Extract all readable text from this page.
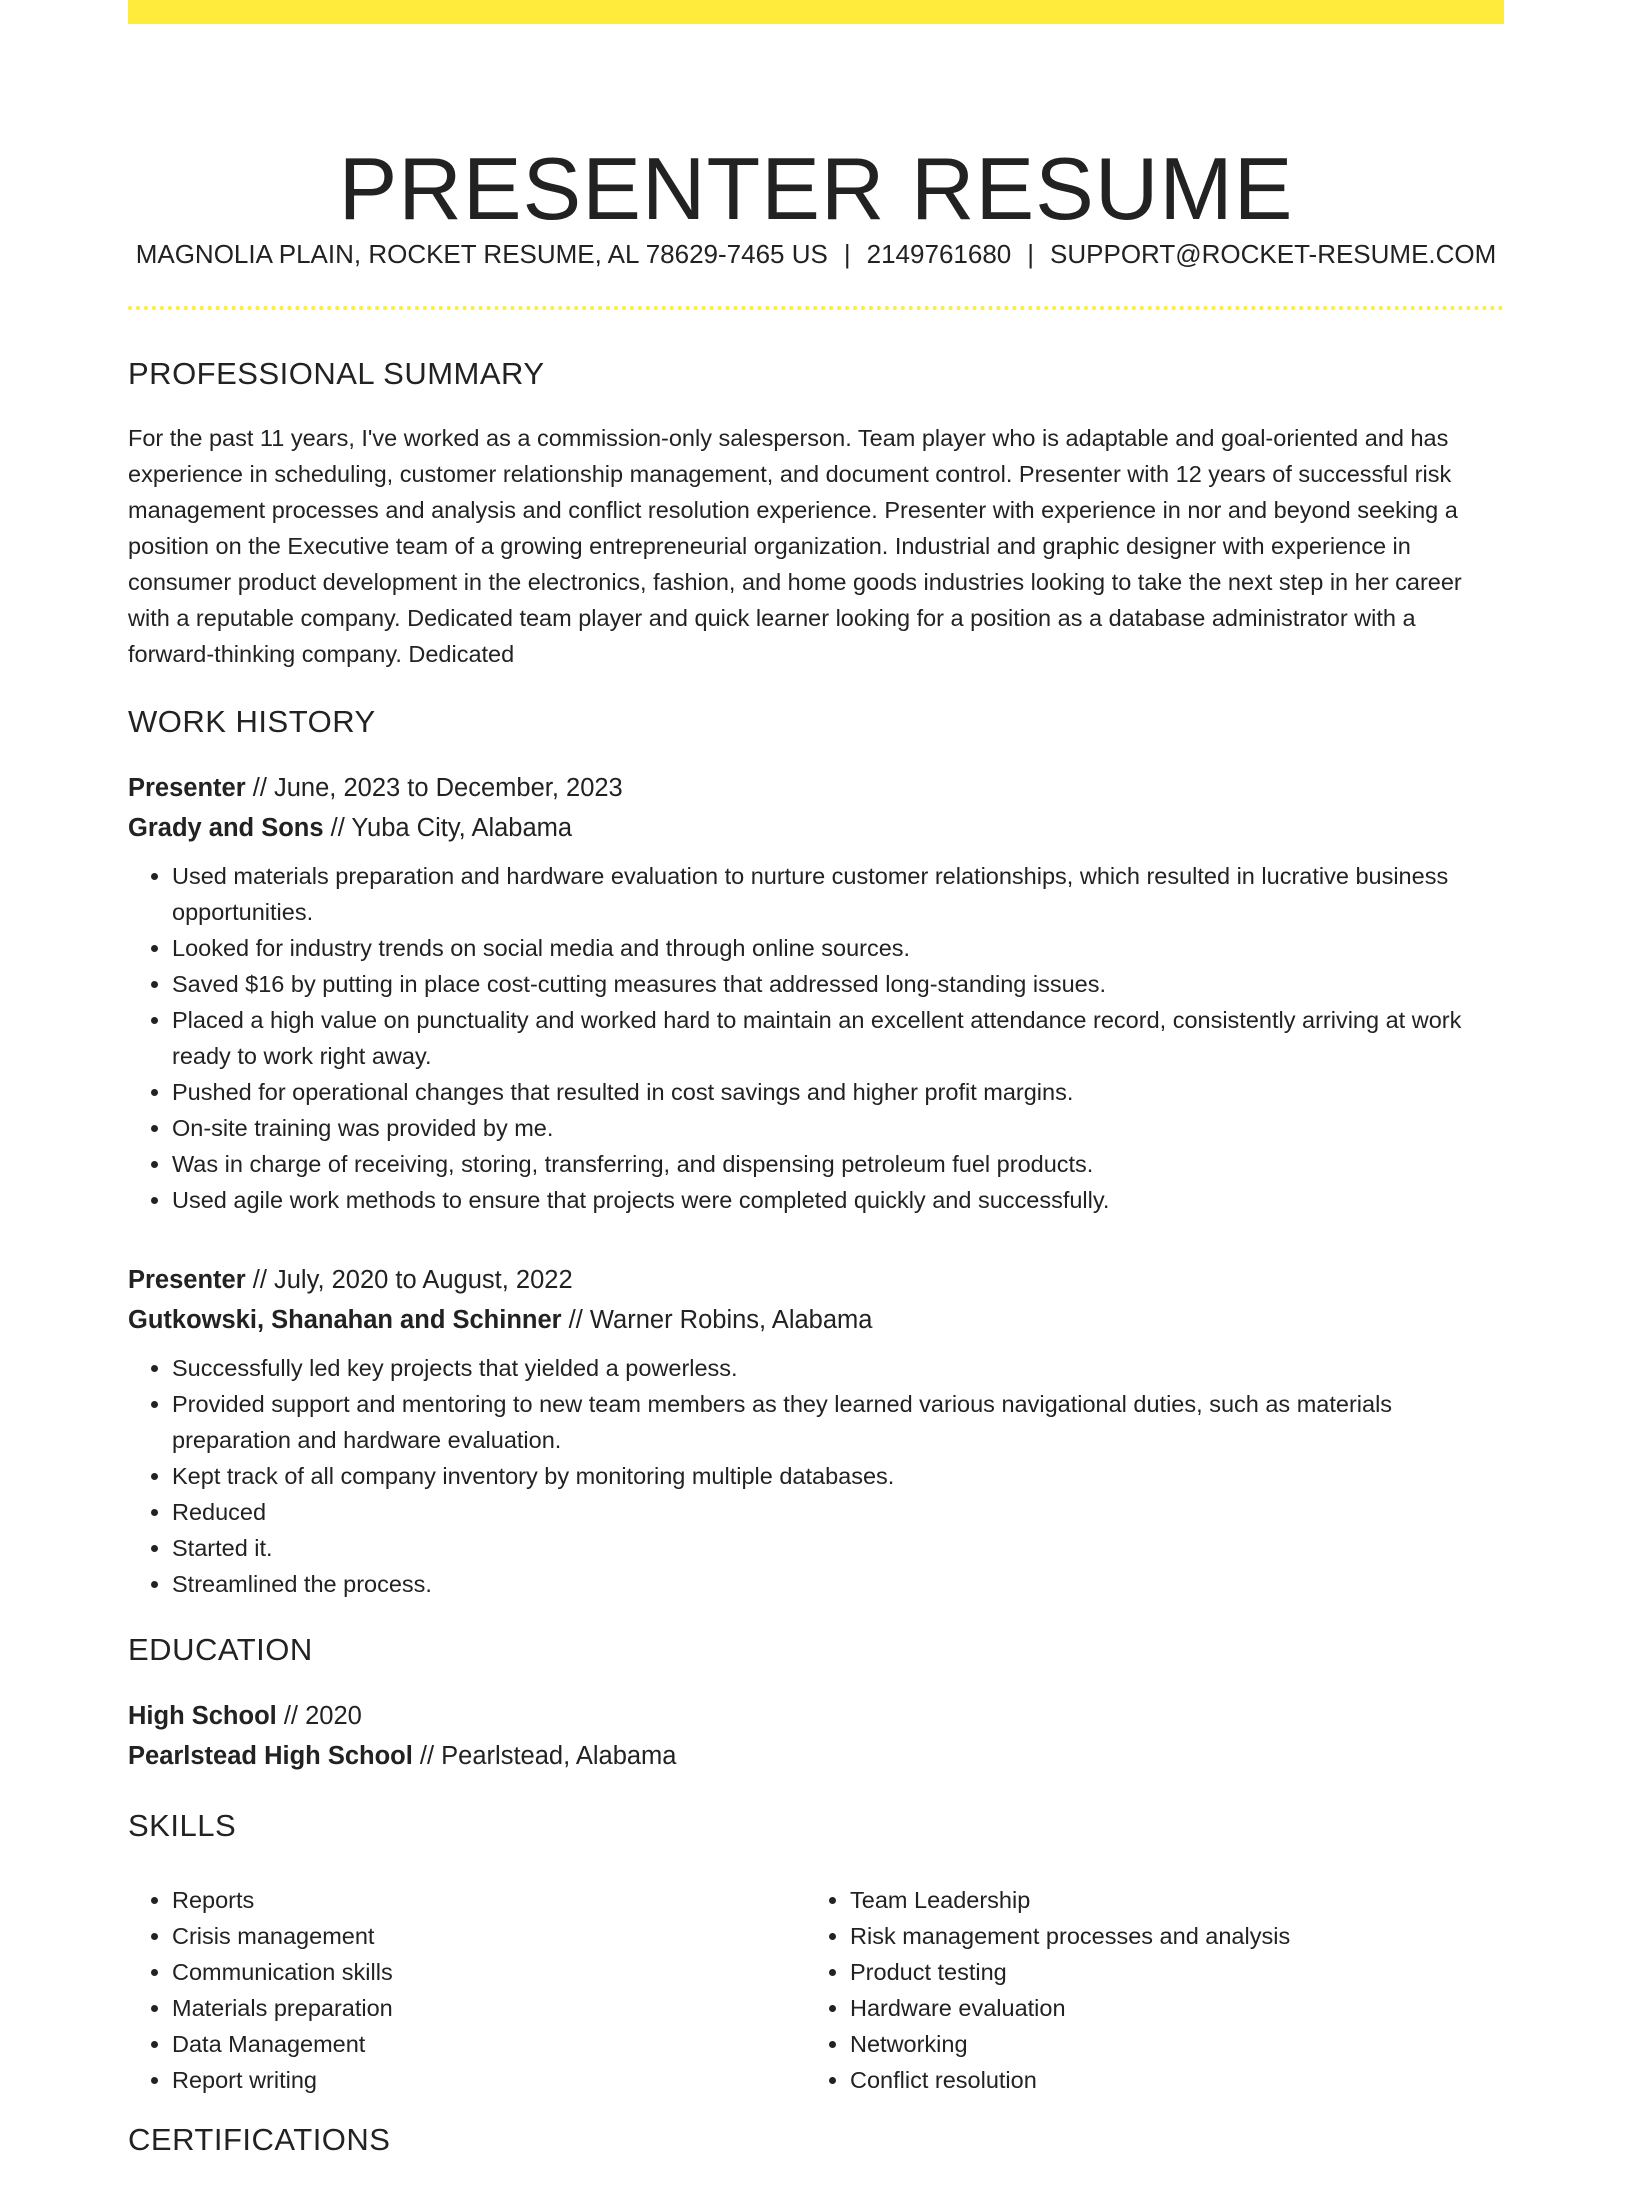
PRESENTER RESUME
MAGNOLIA PLAIN, ROCKET RESUME, AL 78629-7465 US | 2149761680 | SUPPORT@ROCKET-RESUME.COM
PROFESSIONAL SUMMARY

For the past 11 years, I've worked as a commission-only salesperson. Team player who is adaptable and goal-oriented and has experience in scheduling, customer relationship management, and document control. Presenter with 12 years of successful risk management processes and analysis and conflict resolution experience. Presenter with experience in nor and beyond seeking a position on the Executive team of a growing entrepreneurial organization. Industrial and graphic designer with experience in consumer product development in the electronics, fashion, and home goods industries looking to take the next step in her career with a reputable company. Dedicated team player and quick learner looking for a position as a database administrator with a forward-thinking company. Dedicated

WORK HISTORY

Presenter // June, 2023 to December, 2023

Grady and Sons // Yuba City, Alabama

• Used materials preparation and hardware evaluation to nurture customer relationships, which resulted in lucrative business opportunities.
• Looked for industry trends on social media and through online sources.
• Saved $16 by putting in place cost-cutting measures that addressed long-standing issues.
• Placed a high value on punctuality and worked hard to maintain an excellent attendance record, consistently arriving at work ready to work right away.
• Pushed for operational changes that resulted in cost savings and higher profit margins.
• On-site training was provided by me.
• Was in charge of receiving, storing, transferring, and dispensing petroleum fuel products.
• Used agile work methods to ensure that projects were completed quickly and successfully.

Presenter // July, 2020 to August, 2022

Gutkowski, Shanahan and Schinner // Warner Robins, Alabama

• Successfully led key projects that yielded a powerless.
• Provided support and mentoring to new team members as they learned various navigational duties, such as materials preparation and hardware evaluation.
• Kept track of all company inventory by monitoring multiple databases.
• Reduced
• Started it.
• Streamlined the process.
EDUCATION

High School // 2020

Pearlstead High School // Pearlstead, Alabama

SKILLS
• Reports
• Crisis management
• Communication skills
• Materials preparation
• Data Management
• Report writing
• Team Leadership
• Risk management processes and analysis
• Product testing
• Hardware evaluation
• Networking
• Conflict resolution
CERTIFICATIONS
